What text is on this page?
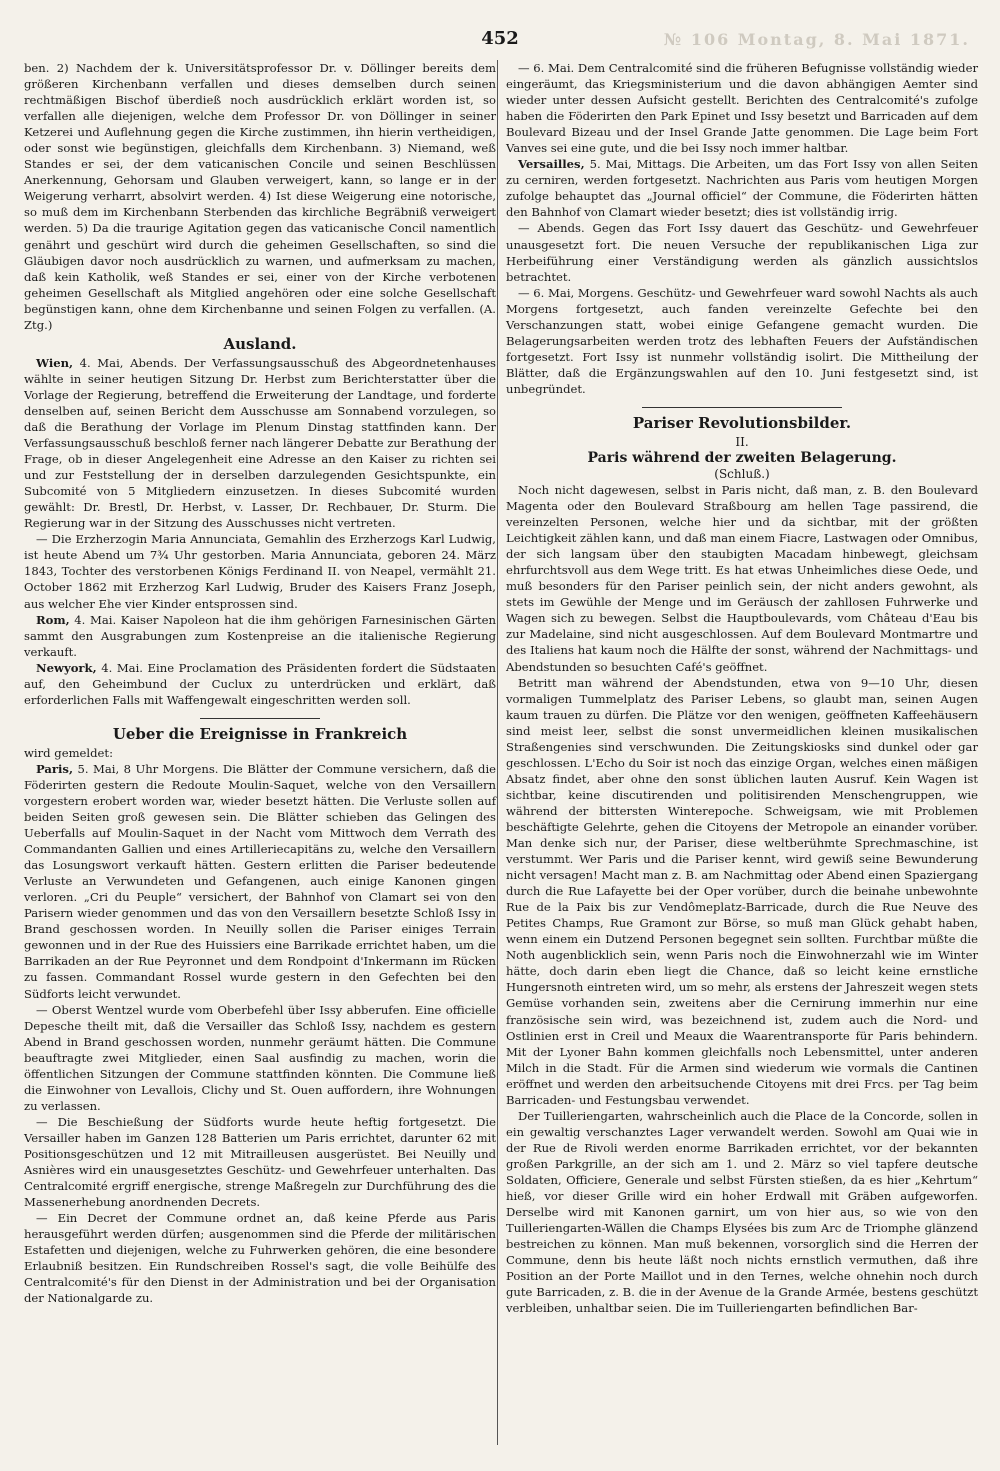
452	№ 106 Montag, 8. Mai 1871.

ben. 2) Nachdem der k. Universitätsprofessor Dr. v. Döllinger bereits dem größeren Kirchenbann verfallen und dieses demselben durch seinen rechtmäßigen Bischof überdieß noch ausdrücklich erklärt worden ist, so verfallen alle diejenigen, welche dem Professor Dr. von Döllinger in seiner Ketzerei und Auflehnung gegen die Kirche zustimmen, ihn hierin vertheidigen, oder sonst wie begünstigen, gleichfalls dem Kirchenbann. 3) Niemand, weß Standes er sei, der dem vaticanischen Concile und seinen Beschlüssen Anerkennung, Gehorsam und Glauben verweigert, kann, so lange er in der Weigerung verharrt, absolvirt werden. 4) Ist diese Weigerung eine notorische, so muß dem im Kirchenbann Sterbenden das kirchliche Begräbniß verweigert werden. 5) Da die traurige Agitation gegen das vaticanische Concil namentlich genährt und geschürt wird durch die geheimen Gesellschaften, so sind die Gläubigen davor noch ausdrücklich zu warnen, und aufmerksam zu machen, daß kein Katholik, weß Standes er sei, einer von der Kirche verbotenen geheimen Gesellschaft als Mitglied angehören oder eine solche Gesellschaft begünstigen kann, ohne dem Kirchenbanne und seinen Folgen zu verfallen. (A. Ztg.)

Ausland.

Wien, 4. Mai, Abends. Der Verfassungsausschuß des Abgeordnetenhauses wählte in seiner heutigen Sitzung Dr. Herbst zum Berichterstatter über die Vorlage der Regierung, betreffend die Erweiterung der Landtage, und forderte denselben auf, seinen Bericht dem Ausschusse am Sonnabend vorzulegen, so daß die Berathung der Vorlage im Plenum Dinstag stattfinden kann. Der Verfassungsausschuß beschloß ferner nach längerer Debatte zur Berathung der Frage, ob in dieser Angelegenheit eine Adresse an den Kaiser zu richten sei und zur Feststellung der in derselben darzulegenden Gesichtspunkte, ein Subcomité von 5 Mitgliedern einzusetzen. In dieses Subcomité wurden gewählt: Dr. Brestl, Dr. Herbst, v. Lasser, Dr. Rechbauer, Dr. Sturm. Die Regierung war in der Sitzung des Ausschusses nicht vertreten.

— Die Erzherzogin Maria Annunciata, Gemahlin des Erzherzogs Karl Ludwig, ist heute Abend um 7¾ Uhr gestorben. Maria Annunciata, geboren 24. März 1843, Tochter des verstorbenen Königs Ferdinand II. von Neapel, vermählt 21. October 1862 mit Erzherzog Karl Ludwig, Bruder des Kaisers Franz Joseph, aus welcher Ehe vier Kinder entsprossen sind.

Rom, 4. Mai. Kaiser Napoleon hat die ihm gehörigen Farnesinischen Gärten sammt den Ausgrabungen zum Kostenpreise an die italienische Regierung verkauft.

Newyork, 4. Mai. Eine Proclamation des Präsidenten fordert die Südstaaten auf, den Geheimbund der Cuclux zu unterdrücken und erklärt, daß erforderlichen Falls mit Waffengewalt eingeschritten werden soll.

Ueber die Ereignisse in Frankreich

wird gemeldet:

Paris, 5. Mai, 8 Uhr Morgens. Die Blätter der Commune versichern, daß die Föderirten gestern die Redoute Moulin-Saquet, welche von den Versaillern vorgestern erobert worden war, wieder besetzt hätten. Die Verluste sollen auf beiden Seiten groß gewesen sein. Die Blätter schieben das Gelingen des Ueberfalls auf Moulin-Saquet in der Nacht vom Mittwoch dem Verrath des Commandanten Gallien und eines Artilleriecapitäns zu, welche den Versaillern das Losungswort verkauft hätten. Gestern erlitten die Pariser bedeutende Verluste an Verwundeten und Gefangenen, auch einige Kanonen gingen verloren. „Cri du Peuple“ versichert, der Bahnhof von Clamart sei von den Parisern wieder genommen und das von den Versaillern besetzte Schloß Issy in Brand geschossen worden. In Neuilly sollen die Pariser einiges Terrain gewonnen und in der Rue des Huissiers eine Barrikade errichtet haben, um die Barrikaden an der Rue Peyronnet und dem Rondpoint d'Inkermann im Rücken zu fassen. Commandant Rossel wurde gestern in den Gefechten bei den Südforts leicht verwundet.

— Oberst Wentzel wurde vom Oberbefehl über Issy abberufen. Eine officielle Depesche theilt mit, daß die Versailler das Schloß Issy, nachdem es gestern Abend in Brand geschossen worden, nunmehr geräumt hätten. Die Commune beauftragte zwei Mitglieder, einen Saal ausfindig zu machen, worin die öffentlichen Sitzungen der Commune stattfinden könnten. Die Commune ließ die Einwohner von Levallois, Clichy und St. Ouen auffordern, ihre Wohnungen zu verlassen.

— Die Beschießung der Südforts wurde heute heftig fortgesetzt. Die Versailler haben im Ganzen 128 Batterien um Paris errichtet, darunter 62 mit Positionsgeschützen und 12 mit Mitrailleusen ausgerüstet. Bei Neuilly und Asnières wird ein unausgesetztes Geschütz- und Gewehrfeuer unterhalten. Das Centralcomité ergriff energische, strenge Maßregeln zur Durchführung des die Massenerhebung anordnenden Decrets.

— Ein Decret der Commune ordnet an, daß keine Pferde aus Paris herausgeführt werden dürfen; ausgenommen sind die Pferde der militärischen Estafetten und diejenigen, welche zu Fuhrwerken gehören, die eine besondere Erlaubniß besitzen. Ein Rundschreiben Rossel's sagt, die volle Beihülfe des Centralcomité's für den Dienst in der Administration und bei der Organisation der Nationalgarde zu.

— 6. Mai. Dem Centralcomité sind die früheren Befugnisse vollständig wieder eingeräumt, das Kriegsministerium und die davon abhängigen Aemter sind wieder unter dessen Aufsicht gestellt. Berichten des Centralcomité's zufolge haben die Föderirten den Park Epinet und Issy besetzt und Barricaden auf dem Boulevard Bizeau und der Insel Grande Jatte genommen. Die Lage beim Fort Vanves sei eine gute, und die bei Issy noch immer haltbar.

Versailles, 5. Mai, Mittags. Die Arbeiten, um das Fort Issy von allen Seiten zu cerniren, werden fortgesetzt. Nachrichten aus Paris vom heutigen Morgen zufolge behauptet das „Journal officiel“ der Commune, die Föderirten hätten den Bahnhof von Clamart wieder besetzt; dies ist vollständig irrig.

— Abends. Gegen das Fort Issy dauert das Geschütz- und Gewehrfeuer unausgesetzt fort. Die neuen Versuche der republikanischen Liga zur Herbeiführung einer Verständigung werden als gänzlich aussichtslos betrachtet.

— 6. Mai, Morgens. Geschütz- und Gewehrfeuer ward sowohl Nachts als auch Morgens fortgesetzt, auch fanden vereinzelte Gefechte bei den Verschanzungen statt, wobei einige Gefangene gemacht wurden. Die Belagerungsarbeiten werden trotz des lebhaften Feuers der Aufständischen fortgesetzt. Fort Issy ist nunmehr vollständig isolirt. Die Mittheilung der Blätter, daß die Ergänzungswahlen auf den 10. Juni festgesetzt sind, ist unbegründet.

Pariser Revolutionsbilder.
II.
Paris während der zweiten Belagerung.
(Schluß.)

Noch nicht dagewesen, selbst in Paris nicht, daß man, z. B. den Boulevard Magenta oder den Boulevard Straßbourg am hellen Tage passirend, die vereinzelten Personen, welche hier und da sichtbar, mit der größten Leichtigkeit zählen kann, und daß man einem Fiacre, Lastwagen oder Omnibus, der sich langsam über den staubigten Macadam hinbewegt, gleichsam ehrfurchtsvoll aus dem Wege tritt. Es hat etwas Unheimliches diese Oede, und muß besonders für den Pariser peinlich sein, der nicht anders gewohnt, als stets im Gewühle der Menge und im Geräusch der zahllosen Fuhrwerke und Wagen sich zu bewegen. Selbst die Hauptboulevards, vom Château d'Eau bis zur Madelaine, sind nicht ausgeschlossen. Auf dem Boulevard Montmartre und des Italiens hat kaum noch die Hälfte der sonst, während der Nachmittags- und Abendstunden so besuchten Café's geöffnet.

Betritt man während der Abendstunden, etwa von 9—10 Uhr, diesen vormaligen Tummelplatz des Pariser Lebens, so glaubt man, seinen Augen kaum trauen zu dürfen. Die Plätze vor den wenigen, geöffneten Kaffeehäusern sind meist leer, selbst die sonst unvermeidlichen kleinen musikalischen Straßengenies sind verschwunden. Die Zeitungskiosks sind dunkel oder gar geschlossen. L'Echo du Soir ist noch das einzige Organ, welches einen mäßigen Absatz findet, aber ohne den sonst üblichen lauten Ausruf. Kein Wagen ist sichtbar, keine discutirenden und politisirenden Menschengruppen, wie während der bittersten Winterepoche. Schweigsam, wie mit Problemen beschäftigte Gelehrte, gehen die Citoyens der Metropole an einander vorüber. Man denke sich nur, der Pariser, diese weltberühmte Sprechmaschine, ist verstummt. Wer Paris und die Pariser kennt, wird gewiß seine Bewunderung nicht versagen! Macht man z. B. am Nachmittag oder Abend einen Spaziergang durch die Rue Lafayette bei der Oper vorüber, durch die beinahe unbewohnte Rue de la Paix bis zur Vendômeplatz-Barricade, durch die Rue Neuve des Petites Champs, Rue Gramont zur Börse, so muß man Glück gehabt haben, wenn einem ein Dutzend Personen begegnet sein sollten. Furchtbar müßte die Noth augenblicklich sein, wenn Paris noch die Einwohnerzahl wie im Winter hätte, doch darin eben liegt die Chance, daß so leicht keine ernstliche Hungersnoth eintreten wird, um so mehr, als erstens der Jahreszeit wegen stets Gemüse vorhanden sein, zweitens aber die Cernirung immerhin nur eine französische sein wird, was bezeichnend ist, zudem auch die Nord- und Ostlinien erst in Creil und Meaux die Waarentransporte für Paris behindern. Mit der Lyoner Bahn kommen gleichfalls noch Lebensmittel, unter anderen Milch in die Stadt. Für die Armen sind wiederum wie vormals die Cantinen eröffnet und werden den arbeitsuchende Citoyens mit drei Frcs. per Tag beim Barricaden- und Festungsbau verwendet.

Der Tuilleriengarten, wahrscheinlich auch die Place de la Concorde, sollen in ein gewaltig verschanztes Lager verwandelt werden. Sowohl am Quai wie in der Rue de Rivoli werden enorme Barrikaden errichtet, vor der bekannten großen Parkgrille, an der sich am 1. und 2. März so viel tapfere deutsche Soldaten, Officiere, Generale und selbst Fürsten stießen, da es hier „Kehrtum“ hieß, vor dieser Grille wird ein hoher Erdwall mit Gräben aufgeworfen. Derselbe wird mit Kanonen garnirt, um von hier aus, so wie von den Tuilleriengarten-Wällen die Champs Elysées bis zum Arc de Triomphe glänzend bestreichen zu können. Man muß bekennen, vorsorglich sind die Herren der Commune, denn bis heute läßt noch nichts ernstlich vermuthen, daß ihre Position an der Porte Maillot und in den Ternes, welche ohnehin noch durch gute Barricaden, z. B. die in der Avenue de la Grande Armée, bestens geschützt verbleiben, unhaltbar seien. Die im Tuilleriengarten befindlichen Bar-
